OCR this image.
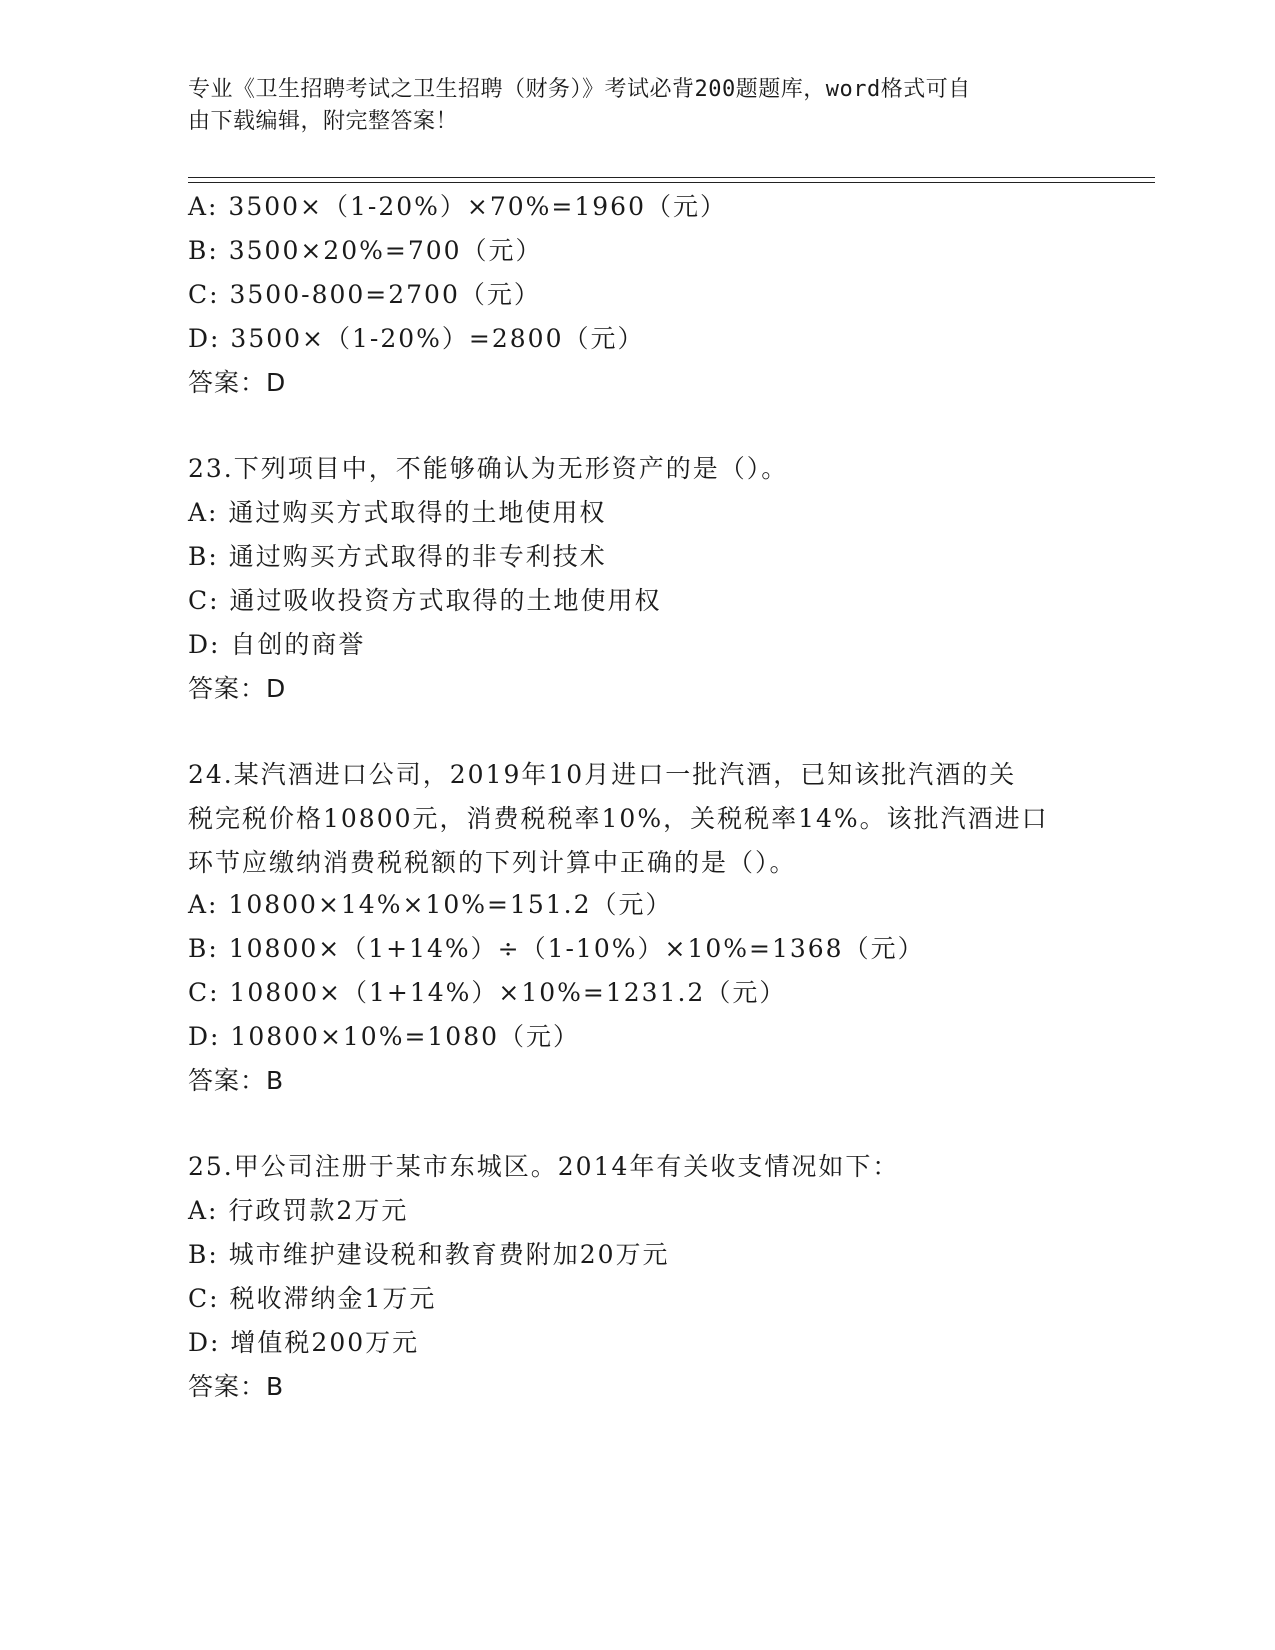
专业《卫生招聘考试之卫生招聘（财务）》考试必背200题题库，word格式可自
由下载编辑，附完整答案！
A: 3500×（1-20%）×70%=1960（元）
B: 3500×20%=700（元）
C: 3500-800=2700（元）
D: 3500×（1-20%）=2800（元）
答案：D
23.下列项目中，不能够确认为无形资产的是（）。
A: 通过购买方式取得的土地使用权
B: 通过购买方式取得的非专利技术
C: 通过吸收投资方式取得的土地使用权
D: 自创的商誉
答案：D
24.某汽酒进口公司，2019年10月进口一批汽酒，已知该批汽酒的关
税完税价格10800元，消费税税率10%，关税税率14%。该批汽酒进口
环节应缴纳消费税税额的下列计算中正确的是（）。
A: 10800×14%×10%=151.2（元）
B: 10800×（1+14%）÷（1-10%）×10%=1368（元）
C: 10800×（1+14%）×10%=1231.2（元）
D: 10800×10%=1080（元）
答案：B
25.甲公司注册于某市东城区。2014年有关收支情况如下：
A: 行政罚款2万元
B: 城市维护建设税和教育费附加20万元
C: 税收滞纳金1万元
D: 增值税200万元
答案：B
